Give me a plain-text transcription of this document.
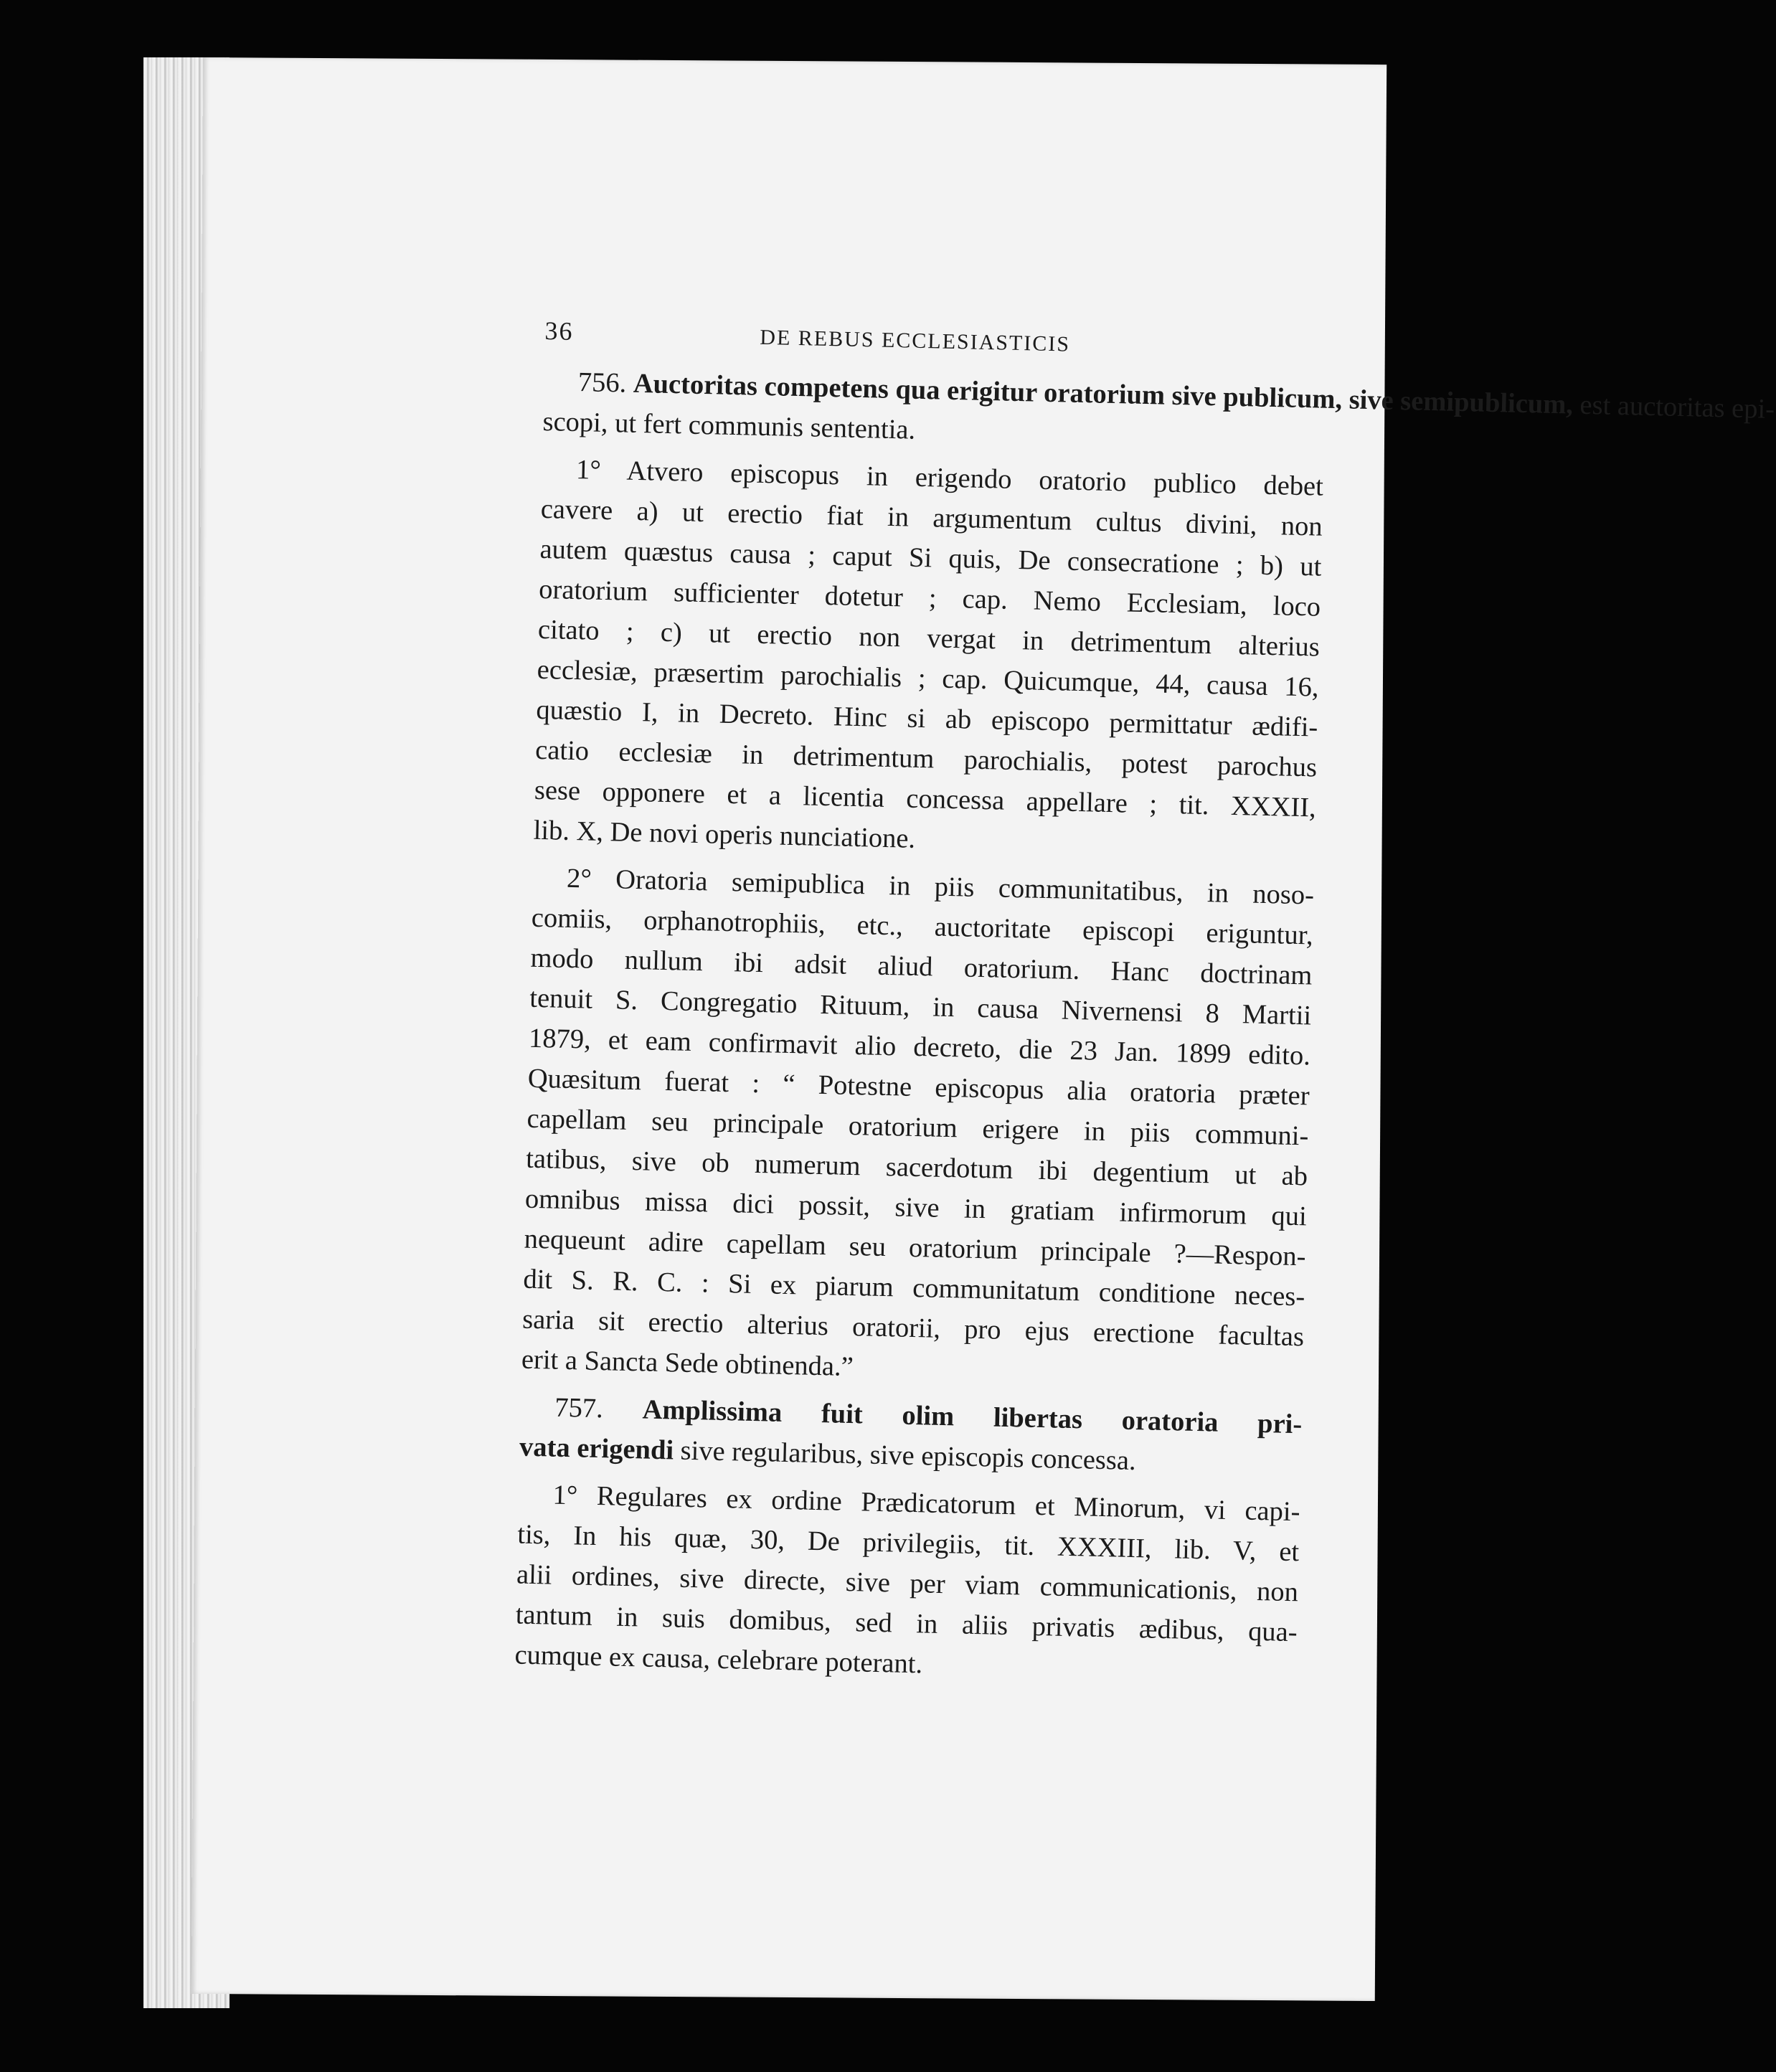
36	DE REBUS ECCLESIASTICIS
756. Auctoritas competens qua erigitur oratorium sive publicum, sive semipublicum, est auctoritas epi-
scopi, ut fert communis sententia.
1° Atvero episcopus in erigendo oratorio publico debet
cavere a) ut erectio fiat in argumentum cultus divini, non
autem quæstus causa ; caput Si quis, De consecratione ; b) ut
oratorium sufficienter dotetur ; cap. Nemo Ecclesiam, loco
citato ; c) ut erectio non vergat in detrimentum alterius
ecclesiæ, præsertim parochialis ; cap. Quicumque, 44, causa 16,
quæstio I, in Decreto. Hinc si ab episcopo permittatur ædifi-
catio ecclesiæ in detrimentum parochialis, potest parochus
sese opponere et a licentia concessa appellare ; tit. XXXII,
lib. X, De novi operis nunciatione.
2° Oratoria semipublica in piis communitatibus, in noso-
comiis, orphanotrophiis, etc., auctoritate episcopi eriguntur,
modo nullum ibi adsit aliud oratorium. Hanc doctrinam
tenuit S. Congregatio Rituum, in causa Nivernensi 8 Martii
1879, et eam confirmavit alio decreto, die 23 Jan. 1899 edito.
Quæsitum fuerat : “ Potestne episcopus alia oratoria præter
capellam seu principale oratorium erigere in piis communi-
tatibus, sive ob numerum sacerdotum ibi degentium ut ab
omnibus missa dici possit, sive in gratiam infirmorum qui
nequeunt adire capellam seu oratorium principale ?—Respon-
dit S. R. C. : Si ex piarum communitatum conditione neces-
saria sit erectio alterius oratorii, pro ejus erectione facultas
erit a Sancta Sede obtinenda.”
757. Amplissima fuit olim libertas oratoria pri-
vata erigendi sive regularibus, sive episcopis concessa.
1° Regulares ex ordine Prædicatorum et Minorum, vi capi-
tis, In his quæ, 30, De privilegiis, tit. XXXIII, lib. V, et
alii ordines, sive directe, sive per viam communicationis, non
tantum in suis domibus, sed in aliis privatis ædibus, qua-
cumque ex causa, celebrare poterant.
